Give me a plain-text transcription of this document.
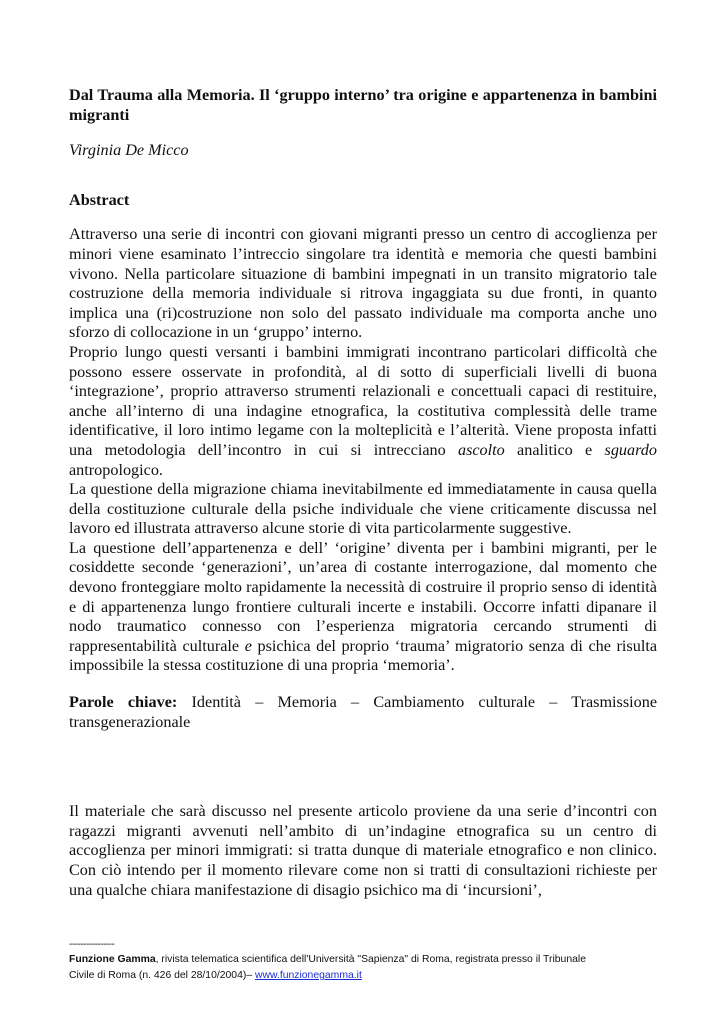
Dal Trauma alla Memoria. Il ‘gruppo interno’ tra origine e appartenenza in bambini migranti

Virginia De Micco

Abstract

Attraverso una serie di incontri con giovani migranti presso un centro di accoglienza per minori viene esaminato l’intreccio singolare tra identità e memoria che questi bambini vivono. Nella particolare situazione di bambini impegnati in un transito migratorio tale costruzione della memoria individuale si ritrova ingaggiata su due fronti, in quanto implica una (ri)costruzione non solo del passato individuale ma comporta anche uno sforzo di collocazione in un ‘gruppo’ interno.

Proprio lungo questi versanti i bambini immigrati incontrano particolari difficoltà che possono essere osservate in profondità, al di sotto di superficiali livelli di buona ‘integrazione’, proprio attraverso strumenti relazionali e concettuali capaci di restituire, anche all’interno di una indagine etnografica, la costitutiva complessità delle trame identificative, il loro intimo legame con la molteplicità e l’alterità. Viene proposta infatti una metodologia dell’incontro in cui si intrecciano ascolto analitico e sguardo antropologico.

La questione della migrazione chiama inevitabilmente ed immediatamente in causa quella della costituzione culturale della psiche individuale che viene criticamente discussa nel lavoro ed illustrata attraverso alcune storie di vita particolarmente suggestive.

La questione dell’appartenenza e dell’ ‘origine’ diventa per i bambini migranti, per le cosiddette seconde ‘generazioni’, un’area di costante interrogazione, dal momento che devono fronteggiare molto rapidamente la necessità di costruire il proprio senso di identità e di appartenenza lungo frontiere culturali incerte e instabili. Occorre infatti dipanare il nodo traumatico connesso con l’esperienza migratoria cercando strumenti di rappresentabilità culturale e psichica del proprio ‘trauma’ migratorio senza di che risulta impossibile la stessa costituzione di una propria ‘memoria’.

Parole chiave: Identità – Memoria – Cambiamento culturale – Trasmissione transgenerazionale

Il materiale che sarà discusso nel presente articolo proviene da una serie d’incontri con ragazzi migranti avvenuti nell’ambito di un’indagine etnografica su un centro di accoglienza per minori immigrati: si tratta dunque di materiale etnografico e non clinico. Con ciò intendo per il momento rilevare come non si tratti di consultazioni richieste per una qualche chiara manifestazione di disagio psichico ma di ‘incursioni’,

----------------
Funzione Gamma, rivista telematica scientifica dell'Università "Sapienza" di Roma, registrata presso il Tribunale
Civile di Roma (n. 426 del 28/10/2004)– www.funzionegamma.it
